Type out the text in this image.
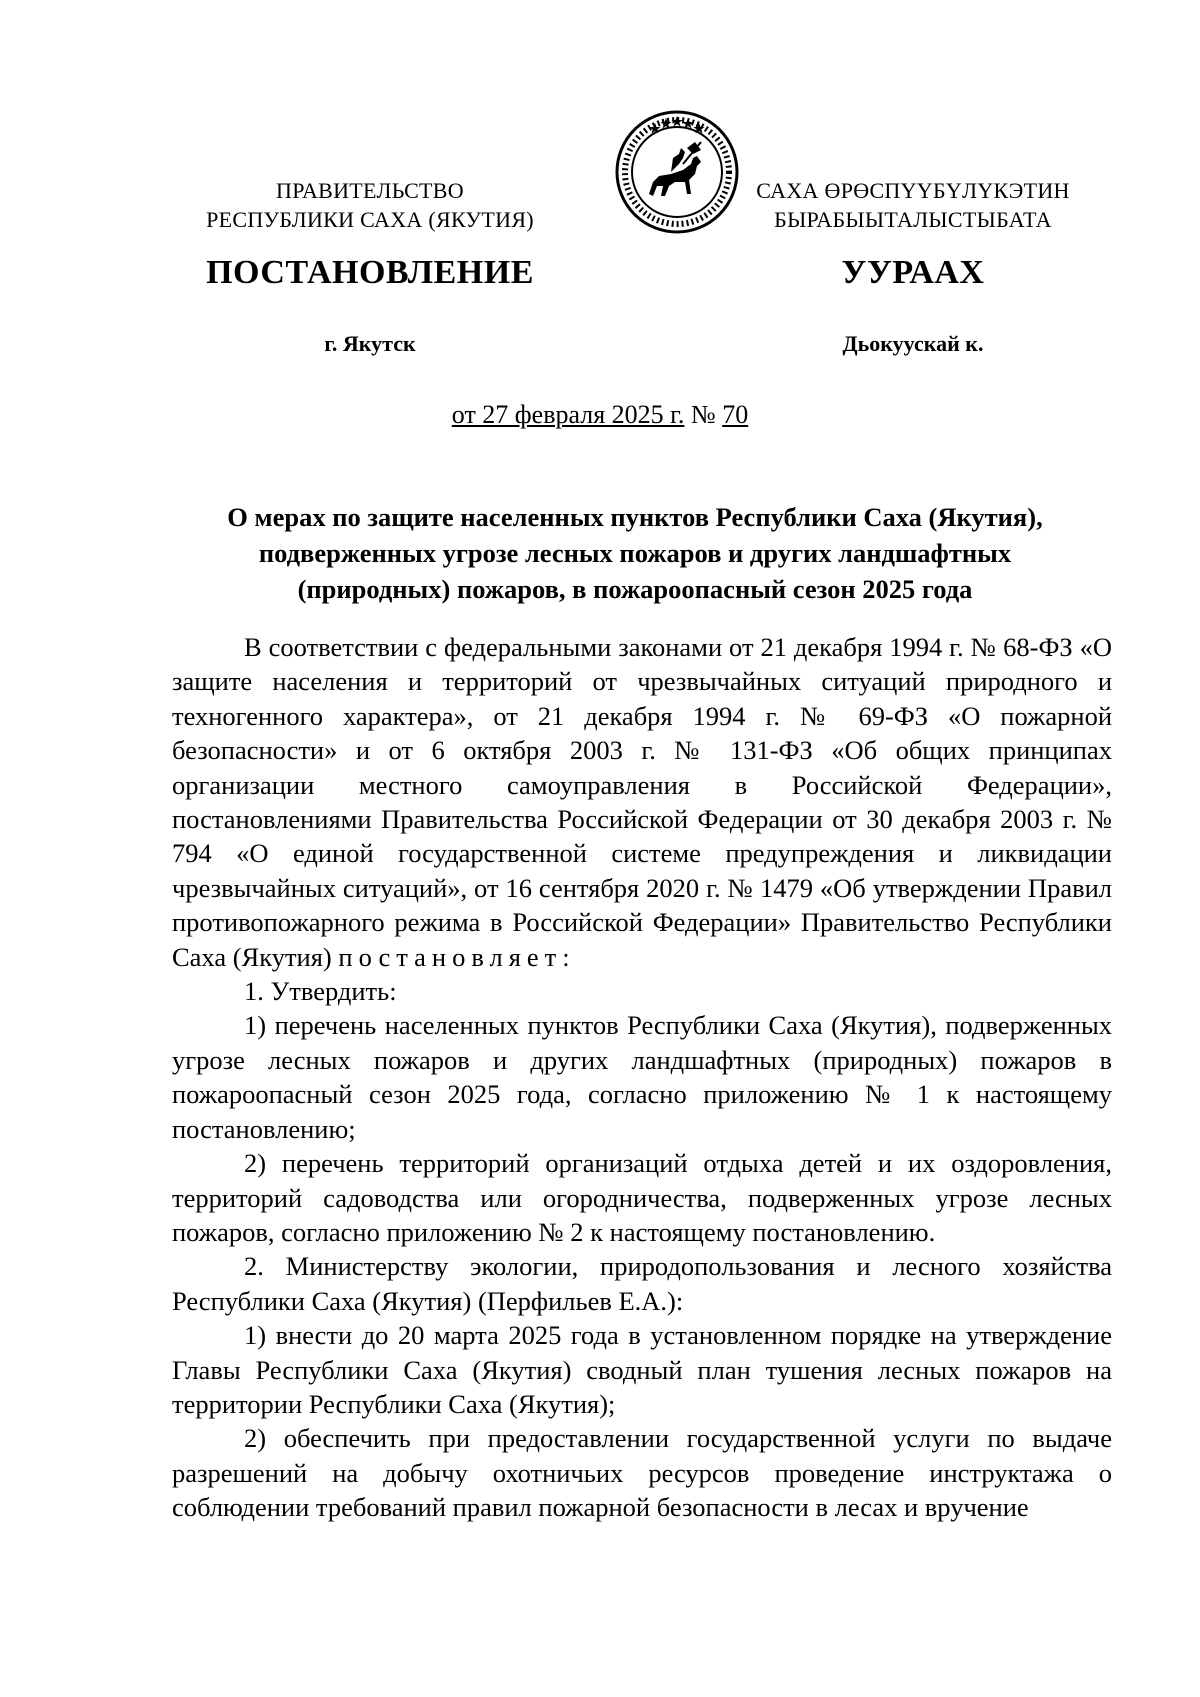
ПРАВИТЕЛЬСТВО
РЕСПУБЛИКИ САХА (ЯКУТИЯ)
САХА ӨРӨСПҮҮБҮЛҮКЭТИН
БЫРАБЫЫТАЛЫСТЫБАТА
ПОСТАНОВЛЕНИЕ	УУРААХ
г. Якутск	Дьокуускай к.
от 27 февраля 2025 г. № 70
О мерах по защите населенных пунктов Республики Саха (Якутия),
подверженных угрозе лесных пожаров и других ландшафтных
(природных) пожаров, в пожароопасный сезон 2025 года

В соответствии с федеральными законами от 21 декабря 1994 г. № 68-ФЗ «О защите населения и территорий от чрезвычайных ситуаций природного и техногенного характера», от 21 декабря 1994 г. № 69-ФЗ «О пожарной безопасности» и от 6 октября 2003 г. № 131-ФЗ «Об общих принципах организации местного самоуправления в Российской Федерации», постановлениями Правительства Российской Федерации от 30 декабря 2003 г. № 794 «О единой государственной системе предупреждения и ликвидации чрезвычайных ситуаций», от 16 сентября 2020 г. № 1479 «Об утверждении Правил противопожарного режима в Российской Федерации» Правительство Республики Саха (Якутия) постановляет:

1. Утвердить:

1) перечень населенных пунктов Республики Саха (Якутия), подверженных угрозе лесных пожаров и других ландшафтных (природных) пожаров в пожароопасный сезон 2025 года, согласно приложению № 1 к настоящему постановлению;

2) перечень территорий организаций отдыха детей и их оздоровления, территорий садоводства или огородничества, подверженных угрозе лесных пожаров, согласно приложению № 2 к настоящему постановлению.

2. Министерству экологии, природопользования и лесного хозяйства Республики Саха (Якутия) (Перфильев Е.А.):

1) внести до 20 марта 2025 года в установленном порядке на утверждение Главы Республики Саха (Якутия) сводный план тушения лесных пожаров на территории Республики Саха (Якутия);

2) обеспечить при предоставлении государственной услуги по выдаче разрешений на добычу охотничьих ресурсов проведение инструктажа о соблюдении требований правил пожарной безопасности в лесах и вручение
